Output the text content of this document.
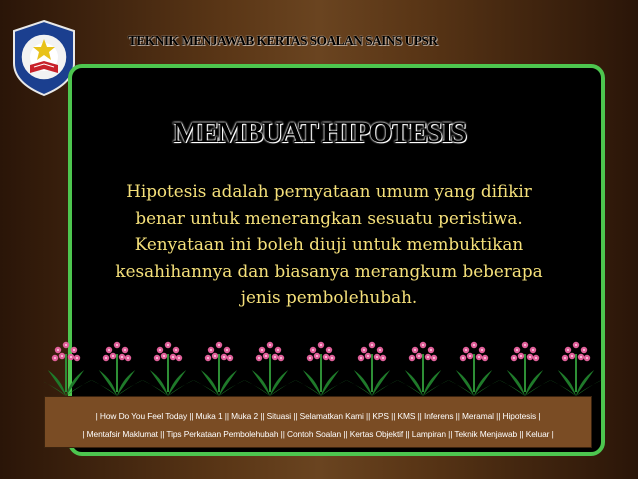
TEKNIK MENJAWAB KERTAS SOALAN SAINS UPSR
MEMBUAT HIPOTESIS
Hipotesis adalah pernyataan umum yang difikir
benar untuk menerangkan sesuatu peristiwa.
Kenyataan ini boleh diuji untuk membuktikan
kesahihannya dan biasanya merangkum beberapa
jenis pembolehubah.
| How Do You Feel Today || Muka 1 || Muka 2 || Situasi || Selamatkan Kami || KPS || KMS || Inferens || Meramal || Hipotesis |
| Mentafsir Maklumat || Tips Perkataan Pembolehubah || Contoh Soalan || Kertas Objektif || Lampiran || Teknik Menjawab || Keluar |
